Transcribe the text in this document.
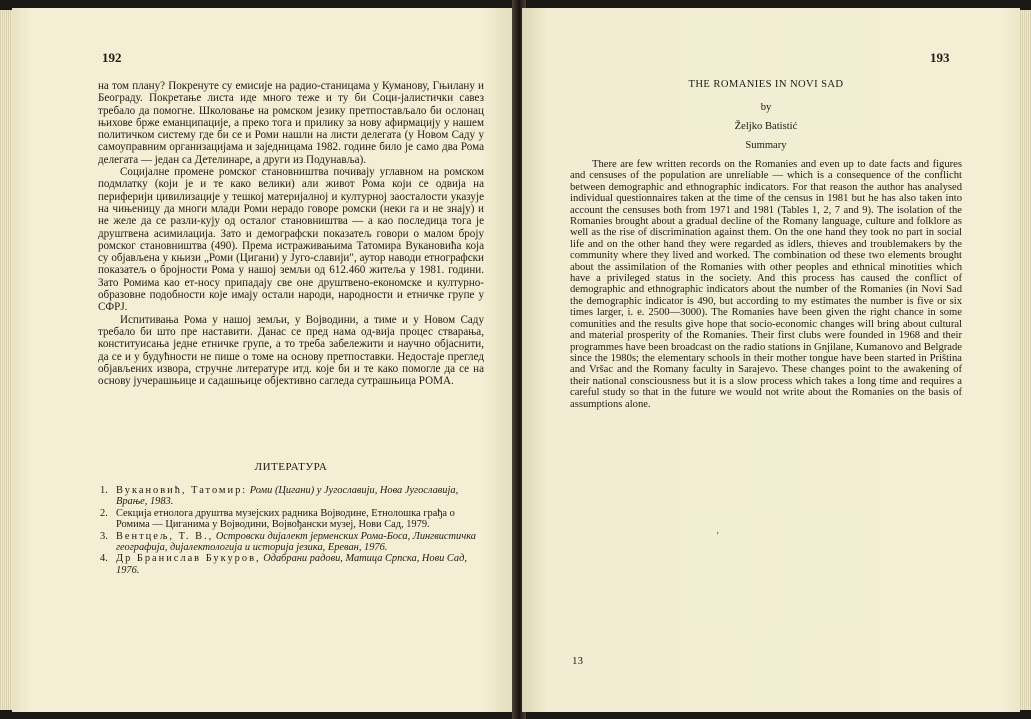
192

на том плану? Покренуте су емисије на радио-станицама у Куманову, Гњилану и Београду. Покретање листа иде много теже и ту би Соци-јалистички савез требало да помогне. Школовање на ромском језику претпостављало би ослонац њихове брже еманципације, а преко тога и прилику за нову афирмацију у нашем политичком систему где би се и Роми нашли на листи делегата (у Новом Саду у самоуправним организацијама и заједницама 1982. године било је само два Рома делегата — један са Детелинаре, а други из Подунавља).

Социјалне промене ромског становништва почивају углавном на ромском подмлатку (који је и те како велики) али живот Рома који се одвија на периферији цивилизације у тешкој материјалној и културној заосталости указује на чињеницу да многи млади Роми нерадо говоре ромски (неки га и не знају) и не желе да се разли-кују од осталог становништва — а као последица тога је друштвена асимилација. Зато и демографски показатељ говори о малом броју ромског становништва (490). Према истраживањима Татомира Вукановића која су објављена у књизи „Роми (Цигани) у Југо-славији", аутор наводи етнографски показатељ о бројности Рома у нашој земљи од 612.460 житеља у 1981. години. Зато Ромима као ет-носу припадају све оне друштвено-економске и културно-образовне подобности које имају остали народи, народности и етничке групе у СФРЈ.

Испитивања Рома у нашој земљи, у Војводини, а тиме и у Новом Саду требало би што пре наставити. Данас се пред нама од-вија процес стварања, конституисања једне етничке групе, а то треба забележити и научно објаснити, да се и у будућности не пише о томе на основу претпоставки. Недостаје преглед објављених извора, стручне литературе итд. које би и те како помогле да се на основу јучерашњице и садашњице објективно сагледа сутрашњица РОМА.

ЛИТЕРАТУРА
1. Вукановић, Татомир: Роми (Цигани) у Југославији, Нова Југославија, Врање, 1983.
2. Секција етнолога друштва музејских радника Војводине, Етнолошка грађа о Ромима — Циганима у Војводини, Војвођански музеј, Нови Сад, 1979.
3. Вентцељ, Т. В., Островски дијалект јерменских Рома-Боса, Лингвистичка географија, дијалектологија и историја језика, Ереван, 1976.
4. Др Бранислав Букуров, Одабрани радови, Матица Српска, Нови Сад, 1976.
193
THE ROMANIES IN NOVI SAD
by
Željko Batistić
Summary

There are few written records on the Romanies and even up to date facts and figures and censuses of the population are unreliable — which is a consequence of the conflicht between demographic and ethnographic indicators. For that reason the author has analysed individual questionnaires taken at the time of the census in 1981 but he has also taken into account the censuses both from 1971 and 1981 (Tables 1, 2, 7 and 9). The isolation of the Romanies brought about a gradual decline of the Romany language, culture and folklore as well as the rise of discrimination against them. On the one hand they took no part in social life and on the other hand they were regarded as idlers, thieves and troublemakers by the community where they lived and worked. The combination od these two elements brought about the assimilation of the Romanies with other peoples and ethnical minotities which have a privileged status in the society. And this process has caused the conflict of demographic and ethnographic indicators about the number of the Romanies (in Novi Sad the demographic indicator is 490, but according to my estimates the number is five or six times larger, i. e. 2500—3000). The Romanies have been given the right chance in some comunities and the results give hope that socio-economic changes will bring about cultural and material prosperity of the Romanies. Their first clubs were founded in 1968 and their programmes have been broadcast on the radio stations in Gnjilane, Kumanovo and Belgrade since the 1980s; the elementary schools in their mother tongue have been started in Priština and Vršac and the Romany faculty in Sarajevo. These changes point to the awakening of their national consciousness but it is a slow process which takes a long time and requires a careful study so that in the future we would not write about the Romanies on the basis of assumptions alone.

ʼ
13
